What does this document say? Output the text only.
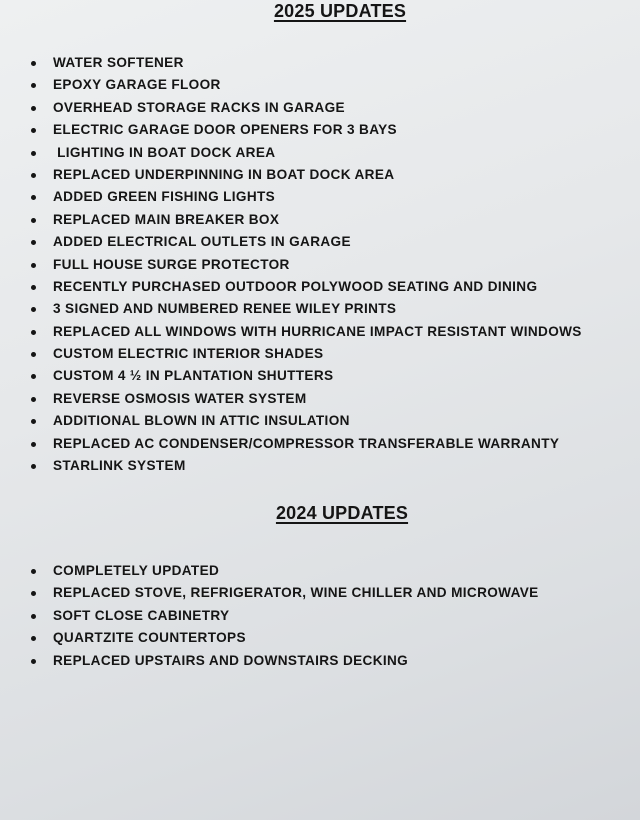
2025 UPDATES
WATER SOFTENER
EPOXY GARAGE FLOOR
OVERHEAD STORAGE RACKS IN GARAGE
ELECTRIC GARAGE DOOR OPENERS FOR 3 BAYS
LIGHTING IN BOAT DOCK AREA
REPLACED UNDERPINNING IN BOAT DOCK AREA
ADDED GREEN FISHING LIGHTS
REPLACED MAIN BREAKER BOX
ADDED ELECTRICAL OUTLETS IN GARAGE
FULL HOUSE SURGE PROTECTOR
RECENTLY PURCHASED OUTDOOR POLYWOOD SEATING AND DINING
3 SIGNED AND NUMBERED RENEE WILEY PRINTS
REPLACED ALL WINDOWS WITH HURRICANE IMPACT RESISTANT WINDOWS
CUSTOM ELECTRIC INTERIOR SHADES
CUSTOM 4 ½ IN PLANTATION SHUTTERS
REVERSE OSMOSIS WATER SYSTEM
ADDITIONAL BLOWN IN ATTIC INSULATION
REPLACED AC CONDENSER/COMPRESSOR TRANSFERABLE WARRANTY
STARLINK SYSTEM
2024 UPDATES
COMPLETELY UPDATED
REPLACED STOVE, REFRIGERATOR, WINE CHILLER AND MICROWAVE
SOFT CLOSE CABINETRY
QUARTZITE COUNTERTOPS
REPLACED UPSTAIRS AND DOWNSTAIRS DECKING
